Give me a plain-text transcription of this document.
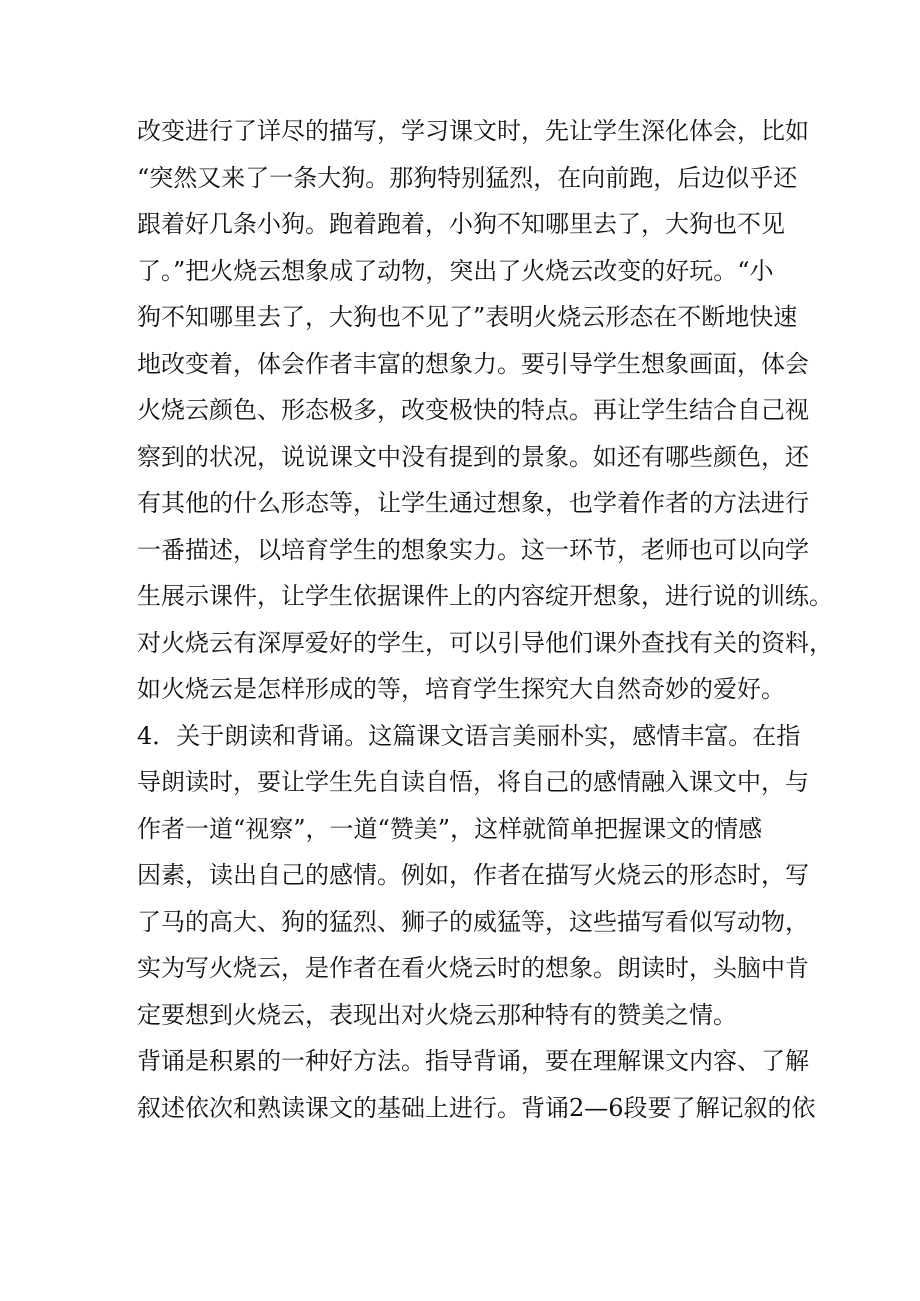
改变进行了详尽的描写，学习课文时，先让学生深化体会，比如
“突然又来了一条大狗。那狗特别猛烈，在向前跑，后边似乎还
跟着好几条小狗。跑着跑着，小狗不知哪里去了，大狗也不见
了。”把火烧云想象成了动物，突出了火烧云改变的好玩。“小
狗不知哪里去了，大狗也不见了”表明火烧云形态在不断地快速
地改变着，体会作者丰富的想象力。要引导学生想象画面，体会
火烧云颜色、形态极多，改变极快的特点。再让学生结合自己视
察到的状况，说说课文中没有提到的景象。如还有哪些颜色，还
有其他的什么形态等，让学生通过想象，也学着作者的方法进行
一番描述，以培育学生的想象实力。这一环节，老师也可以向学
生展示课件，让学生依据课件上的内容绽开想象，进行说的训练。
对火烧云有深厚爱好的学生，可以引导他们课外查找有关的资料，
如火烧云是怎样形成的等，培育学生探究大自然奇妙的爱好。
4．关于朗读和背诵。这篇课文语言美丽朴实，感情丰富。在指
导朗读时，要让学生先自读自悟，将自己的感情融入课文中，与
作者一道“视察”，一道“赞美”，这样就简单把握课文的情感
因素，读出自己的感情。例如，作者在描写火烧云的形态时，写
了马的高大、狗的猛烈、狮子的威猛等，这些描写看似写动物，
实为写火烧云，是作者在看火烧云时的想象。朗读时，头脑中肯
定要想到火烧云，表现出对火烧云那种特有的赞美之情。
背诵是积累的一种好方法。指导背诵，要在理解课文内容、了解
叙述依次和熟读课文的基础上进行。背诵2—6段要了解记叙的依
